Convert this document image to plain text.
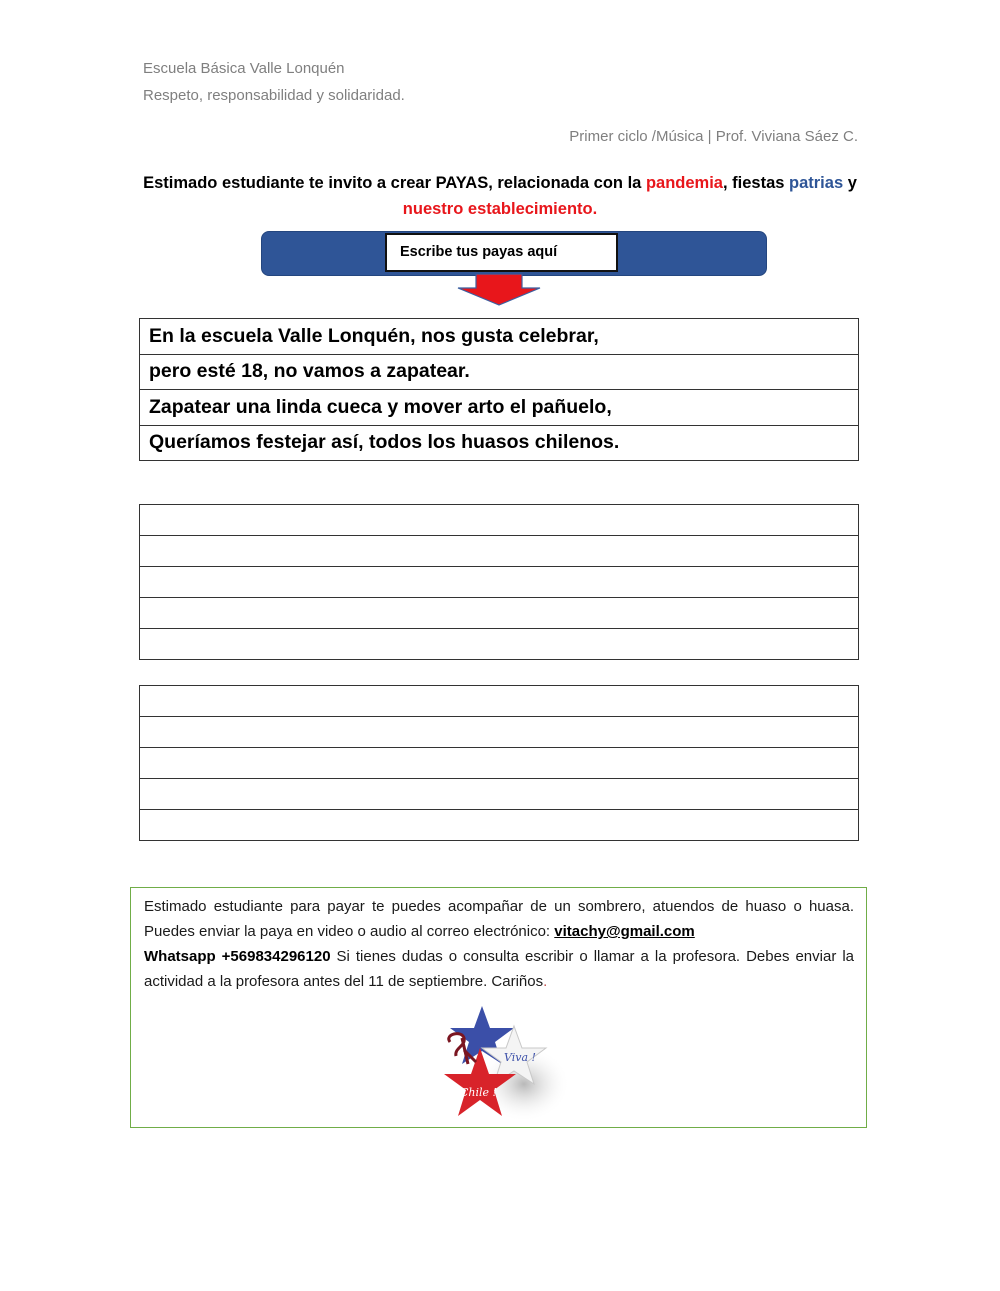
Escuela Básica Valle Lonquén
Respeto, responsabilidad y solidaridad.
Primer ciclo /Música | Prof. Viviana Sáez C.
Estimado estudiante te invito a crear PAYAS, relacionada con la pandemia, fiestas patrias y nuestro establecimiento.
Escribe tus payas aquí
En la escuela Valle Lonquén, nos gusta celebrar,
pero esté 18, no vamos a zapatear.
Zapatear una linda cueca y mover arto el pañuelo,
Queríamos festejar así, todos los huasos chilenos.

Estimado estudiante para payar te puedes acompañar de un sombrero, atuendos de huaso o huasa. Puedes enviar la paya en video o audio al correo electrónico: vitachy@gmail.com
Whatsapp +569834296120 Si tienes dudas o consulta escribir o llamar a la profesora. Debes enviar la actividad a la profesora antes del 11 de septiembre. Cariños.
Viva !
Chile !
